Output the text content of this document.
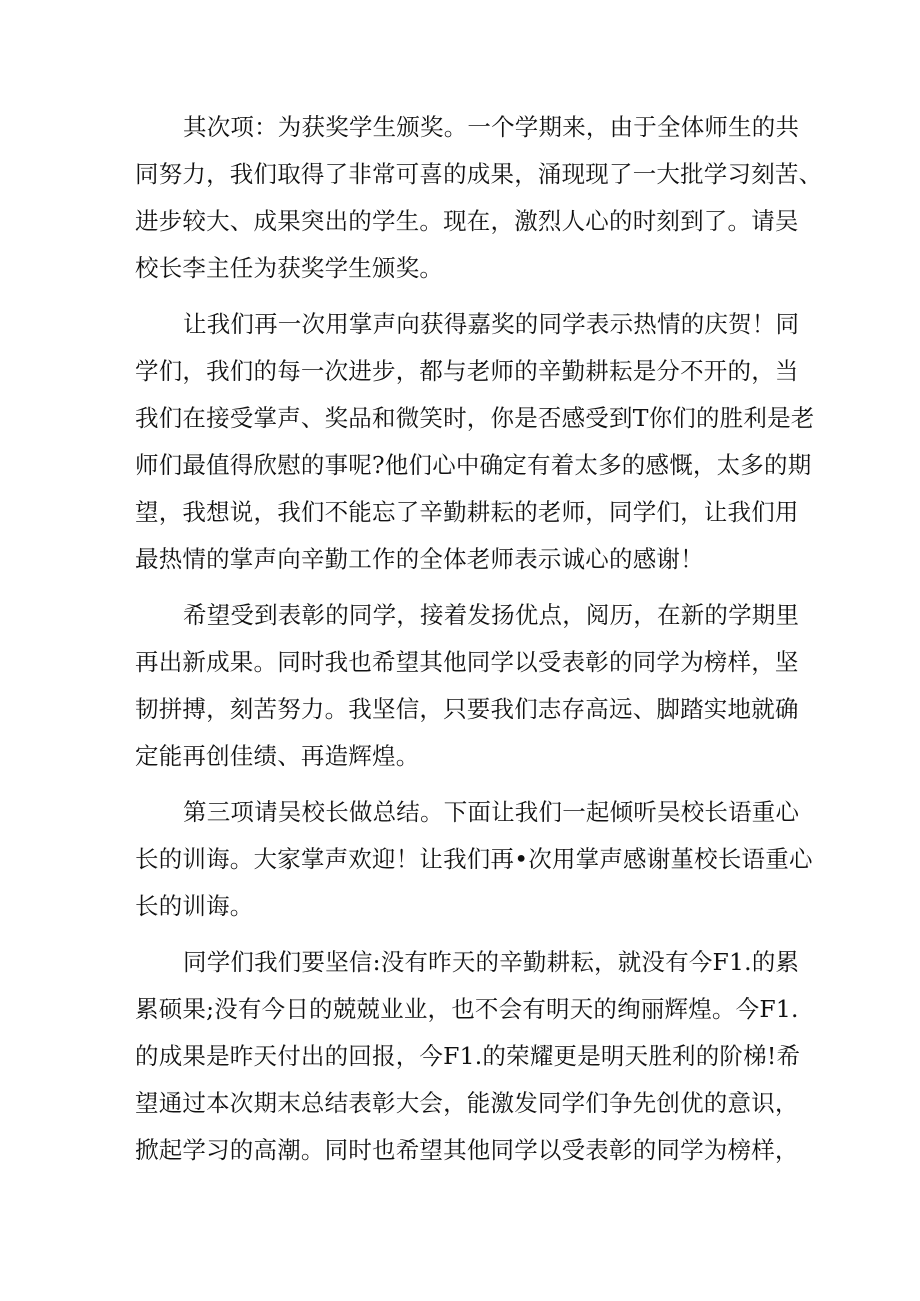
其次项：为获奖学生颁奖。一个学期来，由于全体师生的共
同努力，我们取得了非常可喜的成果，涌现现了一大批学习刻苦、
进步较大、成果突出的学生。现在，激烈人心的时刻到了。请吴
校长李主任为获奖学生颁奖。
让我们再一次用掌声向获得嘉奖的同学表示热情的庆贺！同
学们，我们的每一次进步，都与老师的辛勤耕耘是分不开的，当
我们在接受掌声、奖品和微笑时，你是否感受到T你们的胜利是老
师们最值得欣慰的事呢?他们心中确定有着太多的感慨，太多的期
望，我想说，我们不能忘了辛勤耕耘的老师，同学们，让我们用
最热情的掌声向辛勤工作的全体老师表示诚心的感谢！
希望受到表彰的同学，接着发扬优点，阅历，在新的学期里
再出新成果。同时我也希望其他同学以受表彰的同学为榜样，坚
韧拼搏，刻苦努力。我坚信，只要我们志存高远、脚踏实地就确
定能再创佳绩、再造辉煌。
第三项请吴校长做总结。下面让我们一起倾听吴校长语重心
长的训诲。大家掌声欢迎！让我们再•次用掌声感谢堇校长语重心
长的训诲。
同学们我们要坚信:没有昨天的辛勤耕耘，就没有今F1.的累
累硕果;没有今日的兢兢业业，也不会有明天的绚丽辉煌。今F1.
的成果是昨天付出的回报，今F1.的荣耀更是明天胜利的阶梯!希
望通过本次期末总结表彰大会，能激发同学们争先创优的意识，
掀起学习的高潮。同时也希望其他同学以受表彰的同学为榜样，
